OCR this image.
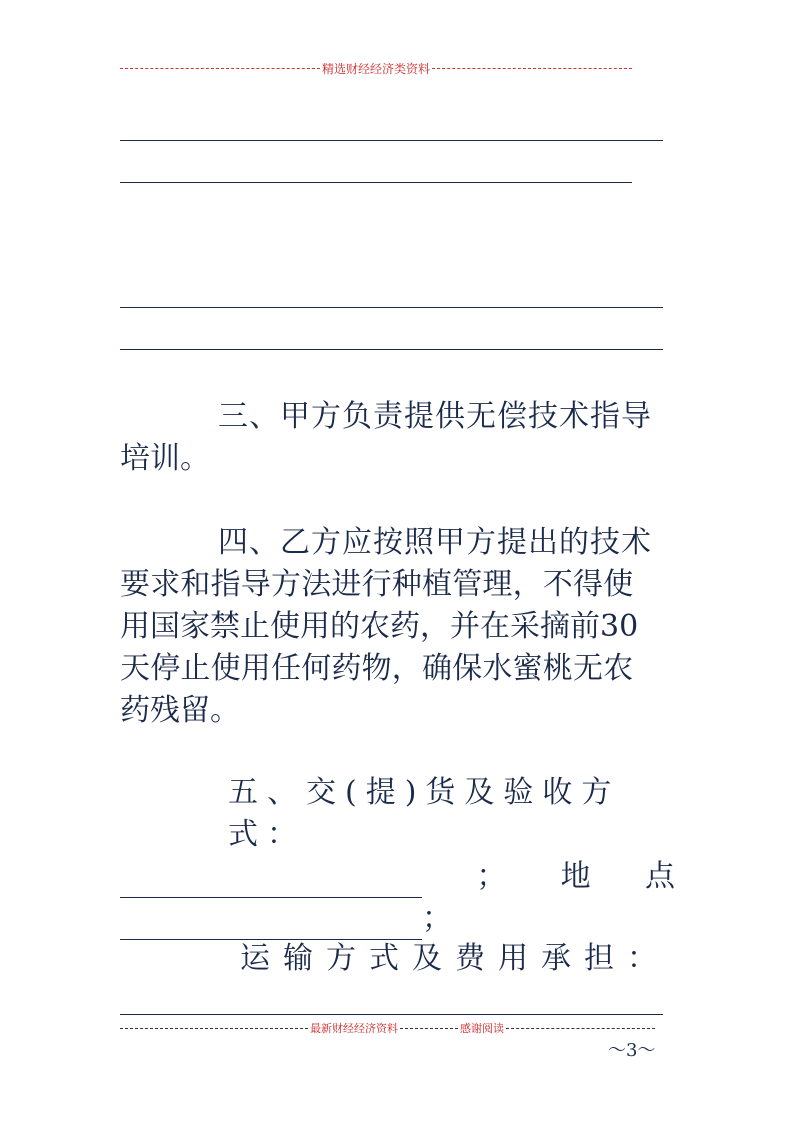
精选财经经济类资料
三、甲方负责提供无偿技术指导
培训。
四、乙方应按照甲方提出的技术
要求和指导方法进行种植管理，不得使
用国家禁止使用的农药，并在采摘前30
天停止使用任何药物，确保水蜜桃无农
药残留。
五、交(提)货及验收方式：
； 地 点
；
运输方式及费用承担：
最新财经经济资料	感谢阅读
～3～
